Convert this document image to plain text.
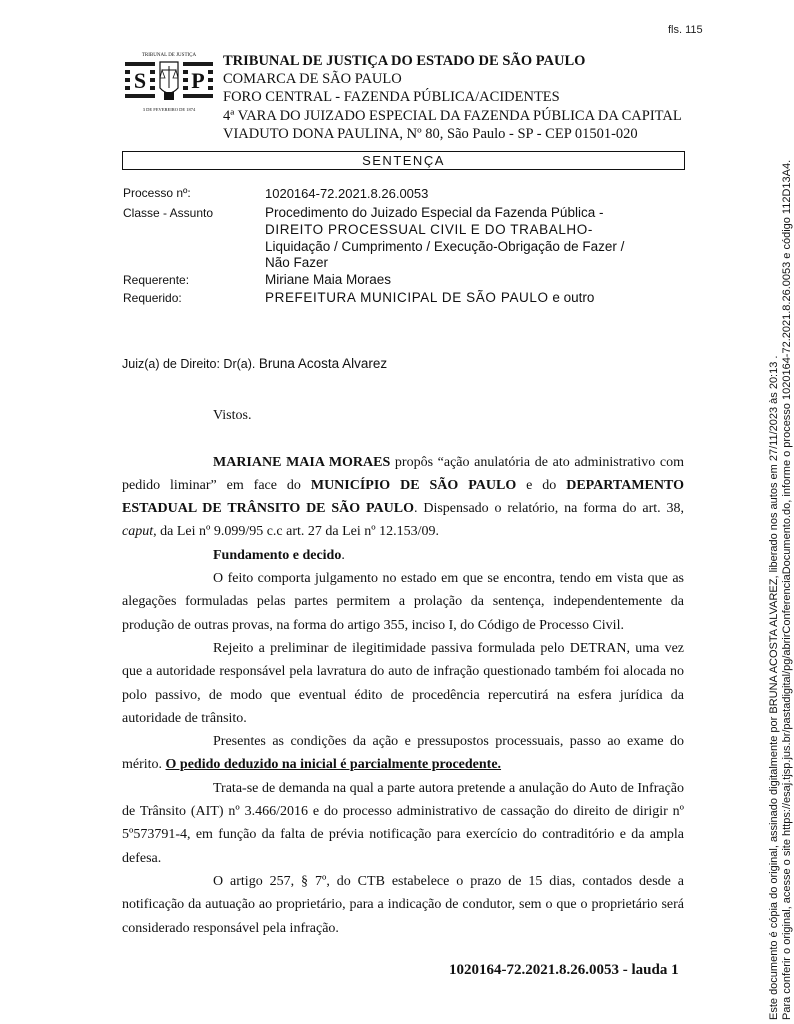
fls. 115
TRIBUNAL DE JUSTIÇA
S P
3 DE FEVEREIRO DE 1874
TRIBUNAL DE JUSTIÇA DO ESTADO DE SÃO PAULO
COMARCA DE SÃO PAULO
FORO CENTRAL - FAZENDA PÚBLICA/ACIDENTES
4ª VARA DO JUIZADO ESPECIAL DA FAZENDA PÚBLICA DA CAPITAL
VIADUTO DONA PAULINA, Nº 80, São Paulo - SP - CEP 01501-020
SENTENÇA
Processo nº:	1020164-72.2021.8.26.0053
Classe - Assunto	Procedimento do Juizado Especial da Fazenda Pública -
DIREITO PROCESSUAL CIVIL E DO TRABALHO-
Liquidação / Cumprimento / Execução-Obrigação de Fazer /
Não Fazer
Requerente:	Miriane Maia Moraes
Requerido:	PREFEITURA MUNICIPAL DE SÃO PAULO e outro
Juiz(a) de Direito: Dr(a). Bruna Acosta Alvarez

Vistos.

MARIANE MAIA MORAES propôs “ação anulatória de ato administrativo com pedido liminar” em face do MUNICÍPIO DE SÃO PAULO e do DEPARTAMENTO ESTADUAL DE TRÂNSITO DE SÃO PAULO. Dispensado o relatório, na forma do art. 38, caput, da Lei nº 9.099/95 c.c art. 27 da Lei nº 12.153/09.

Fundamento e decido.

O feito comporta julgamento no estado em que se encontra, tendo em vista que as alegações formuladas pelas partes permitem a prolação da sentença, independentemente da produção de outras provas, na forma do artigo 355, inciso I, do Código de Processo Civil.

Rejeito a preliminar de ilegitimidade passiva formulada pelo DETRAN, uma vez que a autoridade responsável pela lavratura do auto de infração questionado também foi alocada no polo passivo, de modo que eventual édito de procedência repercutirá na esfera jurídica da autoridade de trânsito.

Presentes as condições da ação e pressupostos processuais, passo ao exame do mérito. O pedido deduzido na inicial é parcialmente procedente.

Trata-se de demanda na qual a parte autora pretende a anulação do Auto de Infração de Trânsito (AIT) nº 3.466/2016 e do processo administrativo de cassação do direito de dirigir nº 5º573791-4, em função da falta de prévia notificação para exercício do contraditório e da ampla defesa.

O artigo 257, § 7º, do CTB estabelece o prazo de 15 dias, contados desde a notificação da autuação ao proprietário, para a indicação de condutor, sem o que o proprietário será considerado responsável pela infração.

1020164-72.2021.8.26.0053 - lauda 1	Este documento é cópia do original, assinado digitalmente por BRUNA ACOSTA ALVAREZ, liberado nos autos em 27/11/2023 às 20:13 . Para conferir o original, acesse o site https://esaj.tjsp.jus.br/pastadigital/pg/abrirConferenciaDocumento.do, informe o processo 1020164-72.2021.8.26.0053 e código 112D13A4.
